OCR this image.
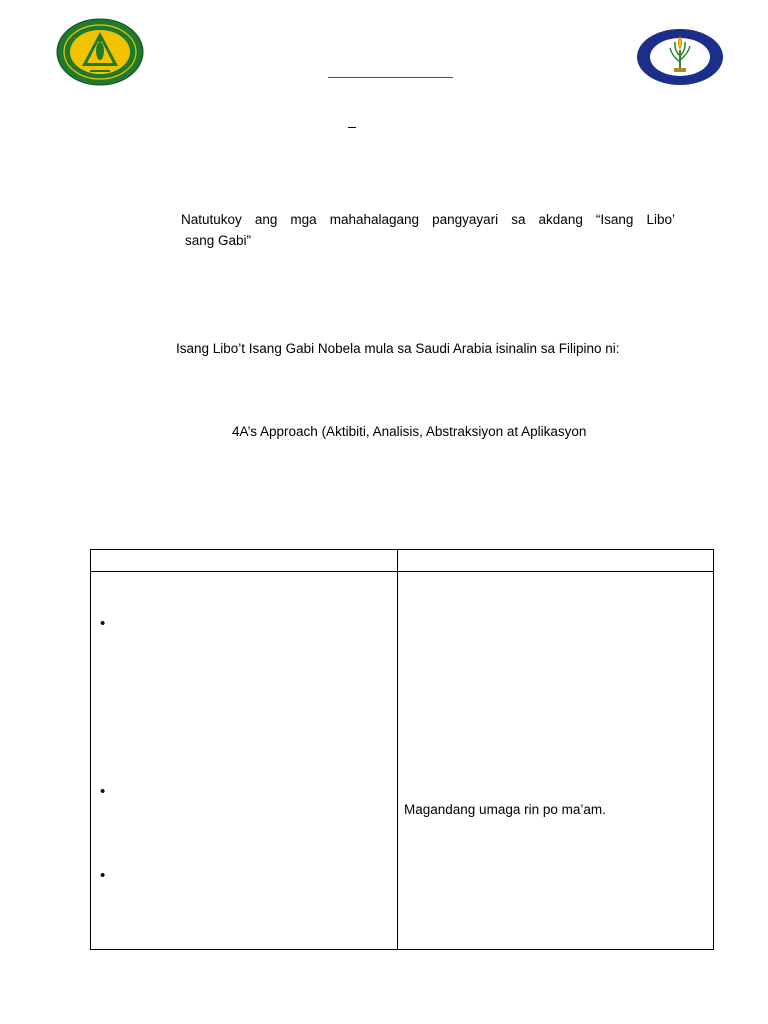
Natutukoy ang mga mahahalagang pangyayari sa akdang “Isang Libo’
sang Gabi”
Isang Libo’t Isang Gabi Nobela mula sa Saudi Arabia isinalin sa Filipino ni:
4A’s Approach (Aktibiti, Analisis, Abstraksiyon at Aplikasyon
•
•
•
Magandang umaga rin po ma’am.
